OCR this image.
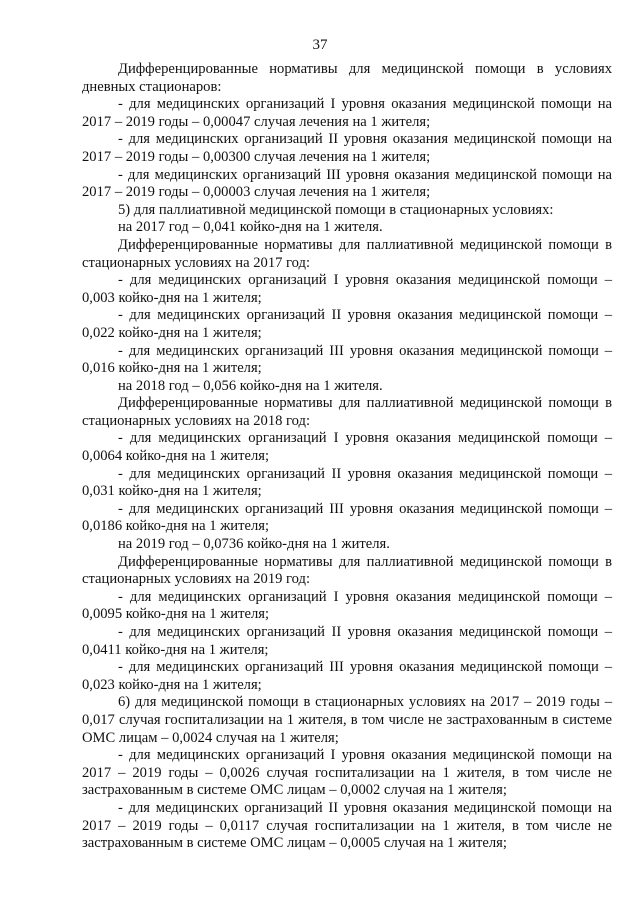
37

Дифференцированные нормативы для медицинской помощи в условиях дневных стационаров:

- для медицинских организаций I уровня оказания медицинской помощи на 2017 – 2019 годы – 0,00047 случая лечения на 1 жителя;

- для медицинских организаций II уровня оказания медицинской помощи на 2017 – 2019 годы – 0,00300 случая лечения на 1 жителя;

- для медицинских организаций III уровня оказания медицинской помощи на 2017 – 2019 годы – 0,00003 случая лечения на 1 жителя;

5) для паллиативной медицинской помощи в стационарных условиях:

на 2017 год – 0,041 койко-дня на 1 жителя.

Дифференцированные нормативы для паллиативной медицинской помощи в стационарных условиях на 2017 год:

- для медицинских организаций I уровня оказания медицинской помощи – 0,003 койко-дня на 1 жителя;

- для медицинских организаций II уровня оказания медицинской помощи – 0,022 койко-дня на 1 жителя;

- для медицинских организаций III уровня оказания медицинской помощи – 0,016 койко-дня на 1 жителя;

на 2018 год – 0,056 койко-дня на 1 жителя.

Дифференцированные нормативы для паллиативной медицинской помощи в стационарных условиях на 2018 год:

- для медицинских организаций I уровня оказания медицинской помощи – 0,0064 койко-дня на 1 жителя;

- для медицинских организаций II уровня оказания медицинской помощи – 0,031 койко-дня на 1 жителя;

- для медицинских организаций III уровня оказания медицинской помощи – 0,0186 койко-дня на 1 жителя;

на 2019 год – 0,0736 койко-дня на 1 жителя.

Дифференцированные нормативы для паллиативной медицинской помощи в стационарных условиях на 2019 год:

- для медицинских организаций I уровня оказания медицинской помощи – 0,0095 койко-дня на 1 жителя;

- для медицинских организаций II уровня оказания медицинской помощи – 0,0411 койко-дня на 1 жителя;

- для медицинских организаций III уровня оказания медицинской помощи – 0,023 койко-дня на 1 жителя;

6) для медицинской помощи в стационарных условиях на 2017 – 2019 годы – 0,017 случая госпитализации на 1 жителя, в том числе не застрахованным в системе ОМС лицам – 0,0024 случая на 1 жителя;

- для медицинских организаций I уровня оказания медицинской помощи на 2017 – 2019 годы – 0,0026 случая госпитализации на 1 жителя, в том числе не застрахованным в системе ОМС лицам – 0,0002 случая на 1 жителя;

- для медицинских организаций II уровня оказания медицинской помощи на 2017 – 2019 годы – 0,0117 случая госпитализации на 1 жителя, в том числе не застрахованным в системе ОМС лицам – 0,0005 случая на 1 жителя;
